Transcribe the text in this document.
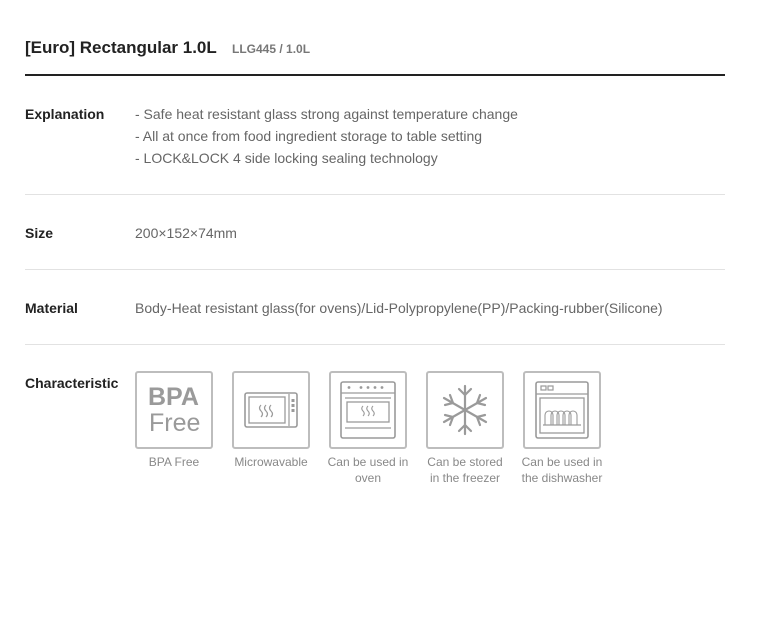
[Euro] Rectangular 1.0L LLG445 / 1.0L
Explanation - Safe heat resistant glass strong against temperature change
- All at once from food ingredient storage to table setting
- LOCK&LOCK 4 side locking sealing technology
Size	200×152×74mm
Material	Body-Heat resistant glass(for ovens)/Lid-Polypropylene(PP)/Packing-rubber(Silicone)
Characteristic BPA
Free
BPA Free	Microwavable	Can be used in
oven
Can be stored
in the freezer
Can be used in
the dishwasher
